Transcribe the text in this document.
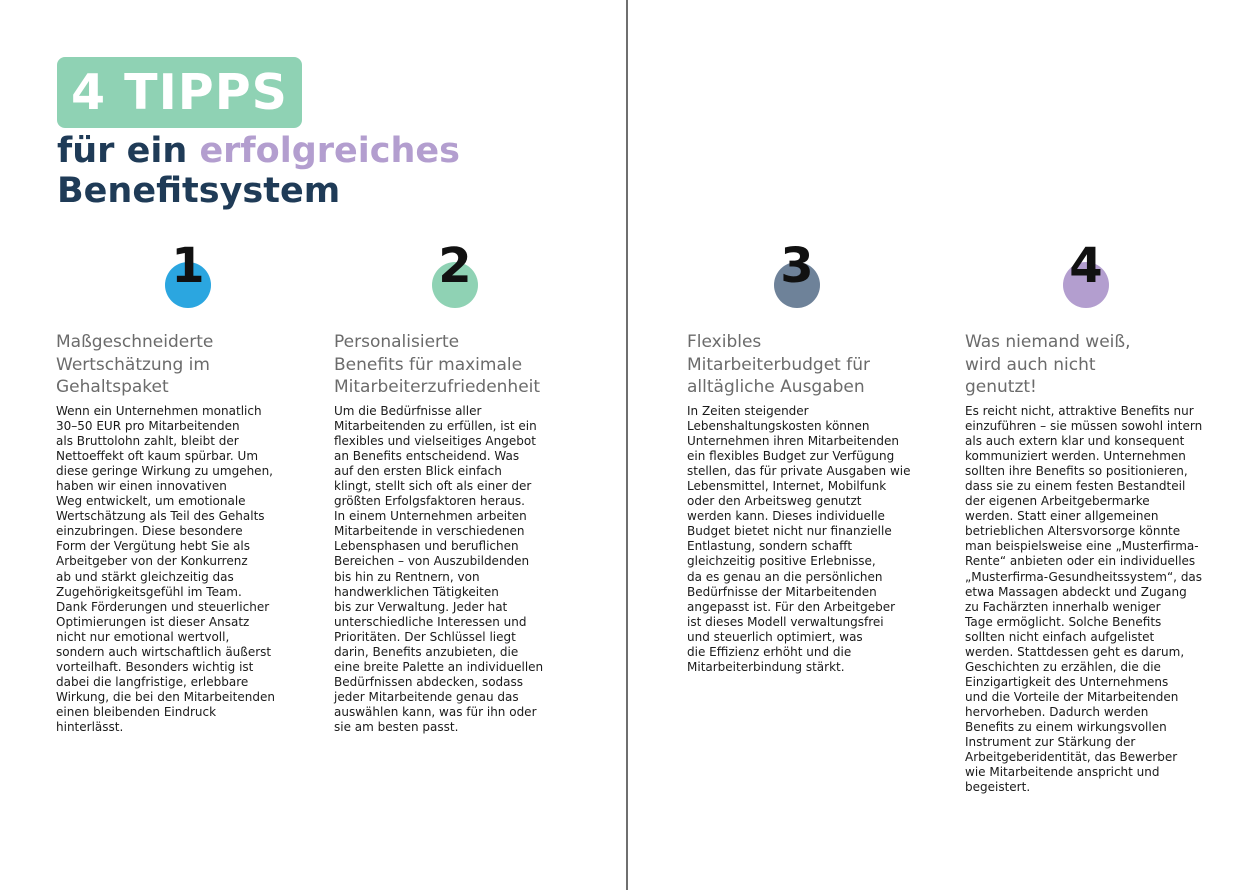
4 TIPPS
für ein erfolgreiches
Benefitsystem
1
Maßgeschneiderte
Wertschätzung im
Gehaltspaket
Wenn ein Unternehmen monatlich
30–50 EUR pro Mitarbeitenden
als Bruttolohn zahlt, bleibt der
Nettoeffekt oft kaum spürbar. Um
diese geringe Wirkung zu umgehen,
haben wir einen innovativen
Weg entwickelt, um emotionale
Wertschätzung als Teil des Gehalts
einzubringen. Diese besondere
Form der Vergütung hebt Sie als
Arbeitgeber von der Konkurrenz
ab und stärkt gleichzeitig das
Zugehörigkeitsgefühl im Team.
Dank Förderungen und steuerlicher
Optimierungen ist dieser Ansatz
nicht nur emotional wertvoll,
sondern auch wirtschaftlich äußerst
vorteilhaft. Besonders wichtig ist
dabei die langfristige, erlebbare
Wirkung, die bei den Mitarbeitenden
einen bleibenden Eindruck
hinterlässt.
2
Personalisierte
Benefits für maximale
Mitarbeiterzufriedenheit
Um die Bedürfnisse aller
Mitarbeitenden zu erfüllen, ist ein
flexibles und vielseitiges Angebot
an Benefits entscheidend. Was
auf den ersten Blick einfach
klingt, stellt sich oft als einer der
größten Erfolgsfaktoren heraus.
In einem Unternehmen arbeiten
Mitarbeitende in verschiedenen
Lebensphasen und beruflichen
Bereichen – von Auszubildenden
bis hin zu Rentnern, von
handwerklichen Tätigkeiten
bis zur Verwaltung. Jeder hat
unterschiedliche Interessen und
Prioritäten. Der Schlüssel liegt
darin, Benefits anzubieten, die
eine breite Palette an individuellen
Bedürfnissen abdecken, sodass
jeder Mitarbeitende genau das
auswählen kann, was für ihn oder
sie am besten passt.
3
Flexibles
Mitarbeiterbudget für
alltägliche Ausgaben
In Zeiten steigender
Lebenshaltungskosten können
Unternehmen ihren Mitarbeitenden
ein flexibles Budget zur Verfügung
stellen, das für private Ausgaben wie
Lebensmittel, Internet, Mobilfunk
oder den Arbeitsweg genutzt
werden kann. Dieses individuelle
Budget bietet nicht nur finanzielle
Entlastung, sondern schafft
gleichzeitig positive Erlebnisse,
da es genau an die persönlichen
Bedürfnisse der Mitarbeitenden
angepasst ist. Für den Arbeitgeber
ist dieses Modell verwaltungsfrei
und steuerlich optimiert, was
die Effizienz erhöht und die
Mitarbeiterbindung stärkt.
4
Was niemand weiß,
wird auch nicht
genutzt!
Es reicht nicht, attraktive Benefits nur
einzuführen – sie müssen sowohl intern
als auch extern klar und konsequent
kommuniziert werden. Unternehmen
sollten ihre Benefits so positionieren,
dass sie zu einem festen Bestandteil
der eigenen Arbeitgebermarke
werden. Statt einer allgemeinen
betrieblichen Altersvorsorge könnte
man beispielsweise eine „Musterfirma-
Rente“ anbieten oder ein individuelles
„Musterfirma-Gesundheitssystem“, das
etwa Massagen abdeckt und Zugang
zu Fachärzten innerhalb weniger
Tage ermöglicht. Solche Benefits
sollten nicht einfach aufgelistet
werden. Stattdessen geht es darum,
Geschichten zu erzählen, die die
Einzigartigkeit des Unternehmens
und die Vorteile der Mitarbeitenden
hervorheben. Dadurch werden
Benefits zu einem wirkungsvollen
Instrument zur Stärkung der
Arbeitgeberidentität, das Bewerber
wie Mitarbeitende anspricht und
begeistert.
